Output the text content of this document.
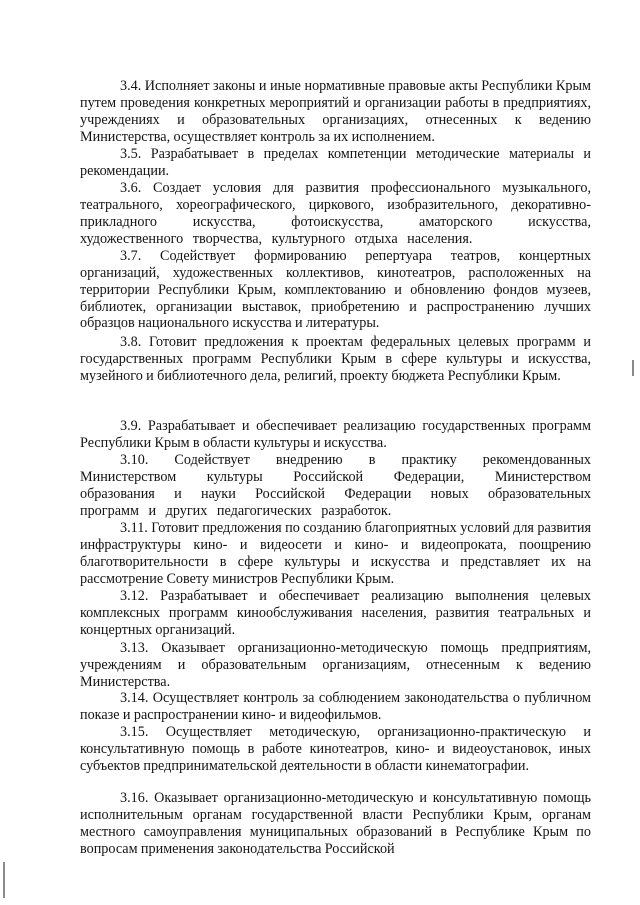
3.4. Исполняет законы и иные нормативные правовые акты Республики Крым путем проведения конкретных мероприятий и организации работы в предприятиях, учреждениях и образовательных организациях, отнесенных к ведению Министерства, осуществляет контроль за их исполнением.

3.5. Разрабатывает в пределах компетенции методические материалы и рекомендации.

3.6. Создает условия для развития профессионального музыкального, театрального, хореографического, циркового, изобразительного, декоративно-прикладного искусства, фотоискусства, аматорского искусства, художественного творчества, культурного отдыха населения.

3.7. Содействует формированию репертуара театров, концертных организаций, художественных коллективов, кинотеатров, расположенных на территории Республики Крым, комплектованию и обновлению фондов музеев, библиотек, организации выставок, приобретению и распространению лучших образцов национального искусства и литературы.

3.8. Готовит предложения к проектам федеральных целевых программ и государственных программ Республики Крым в сфере культуры и искусства, музейного и библиотечного дела, религий, проекту бюджета Республики Крым.

3.9. Разрабатывает и обеспечивает реализацию государственных программ Республики Крым в области культуры и искусства.

3.10. Содействует внедрению в практику рекомендованных Министерством культуры Российской Федерации, Министерством образования и науки Российской Федерации новых образовательных программ и других педагогических разработок.

3.11. Готовит предложения по созданию благоприятных условий для развития инфраструктуры кино- и видеосети и кино- и видеопроката, поощрению благотворительности в сфере культуры и искусства и представляет их на рассмотрение Совету министров Республики Крым.

3.12. Разрабатывает и обеспечивает реализацию выполнения целевых комплексных программ кинообслуживания населения, развития театральных и концертных организаций.

3.13. Оказывает организационно-методическую помощь предприятиям, учреждениям и образовательным организациям, отнесенным к ведению Министерства.

3.14. Осуществляет контроль за соблюдением законодательства о публичном показе и распространении кино- и видеофильмов.

3.15. Осуществляет методическую, организационно-практическую и консультативную помощь в работе кинотеатров, кино- и видеоустановок, иных субъектов предпринимательской деятельности в области кинематографии.

3.16. Оказывает организационно-методическую и консультативную помощь исполнительным органам государственной власти Республики Крым, органам местного самоуправления муниципальных образований в Республике Крым по вопросам применения законодательства Российской
